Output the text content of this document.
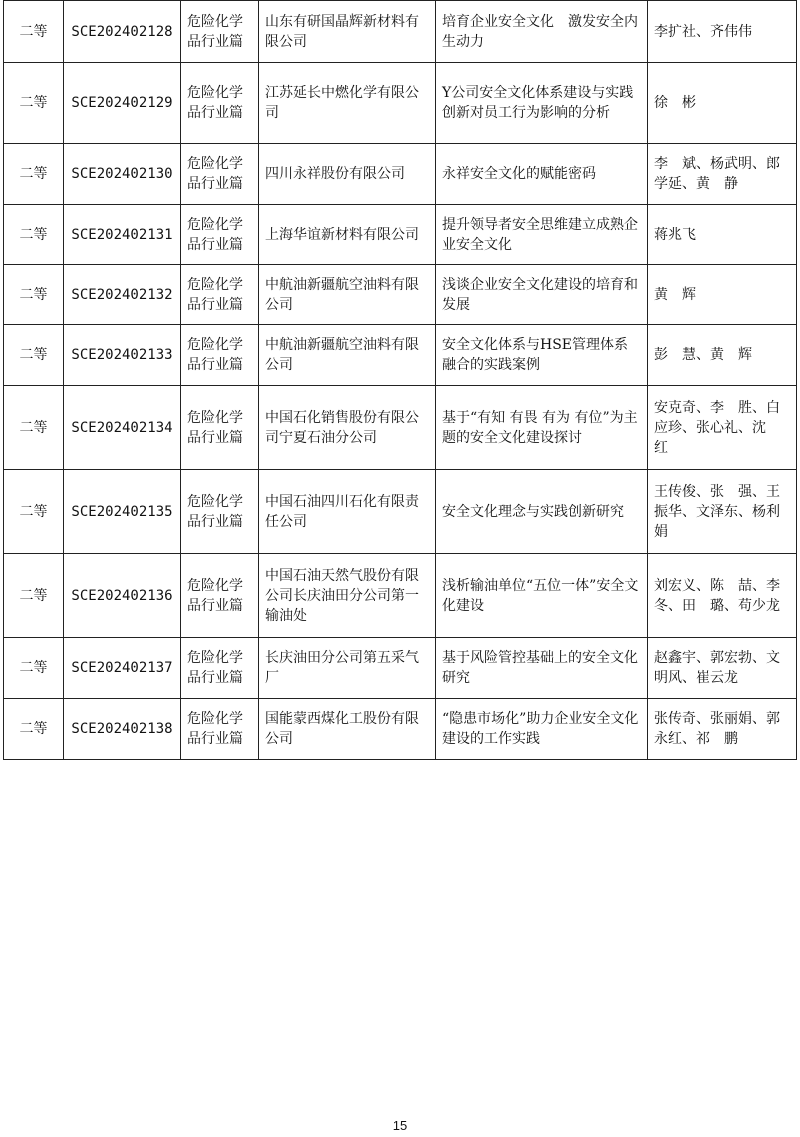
二等	SCE202402128	危险化学品行业篇	山东有研国晶辉新材料有限公司	培育企业安全文化　激发安全内生动力	李扩社、齐伟伟
二等	SCE202402129	危险化学品行业篇	江苏延长中燃化学有限公司	Y公司安全文化体系建设与实践创新对员工行为影响的分析	徐　彬
二等	SCE202402130	危险化学品行业篇	四川永祥股份有限公司	永祥安全文化的赋能密码	李　斌、杨武明、郎学延、黄　静
二等	SCE202402131	危险化学品行业篇	上海华谊新材料有限公司	提升领导者安全思维建立成熟企业安全文化	蒋兆飞
二等	SCE202402132	危险化学品行业篇	中航油新疆航空油料有限公司	浅谈企业安全文化建设的培育和发展	黄　辉
二等	SCE202402133	危险化学品行业篇	中航油新疆航空油料有限公司	安全文化体系与HSE管理体系融合的实践案例	彭　慧、黄　辉
二等	SCE202402134	危险化学品行业篇	中国石化销售股份有限公司宁夏石油分公司	基于“有知 有畏 有为 有位”为主题的安全文化建设探讨	安克奇、李　胜、白应珍、张心礼、沈　红
二等	SCE202402135	危险化学品行业篇	中国石油四川石化有限责任公司	安全文化理念与实践创新研究	王传俊、张　强、王振华、文泽东、杨利娟
二等	SCE202402136	危险化学品行业篇	中国石油天然气股份有限公司长庆油田分公司第一输油处	浅析输油单位“五位一体”安全文化建设	刘宏义、陈　喆、李　冬、田　璐、苟少龙
二等	SCE202402137	危险化学品行业篇	长庆油田分公司第五采气厂	基于风险管控基础上的安全文化研究	赵鑫宇、郭宏勃、文明风、崔云龙
二等	SCE202402138	危险化学品行业篇	国能蒙西煤化工股份有限公司	“隐患市场化”助力企业安全文化建设的工作实践	张传奇、张丽娟、郭永红、祁　鹏
15
